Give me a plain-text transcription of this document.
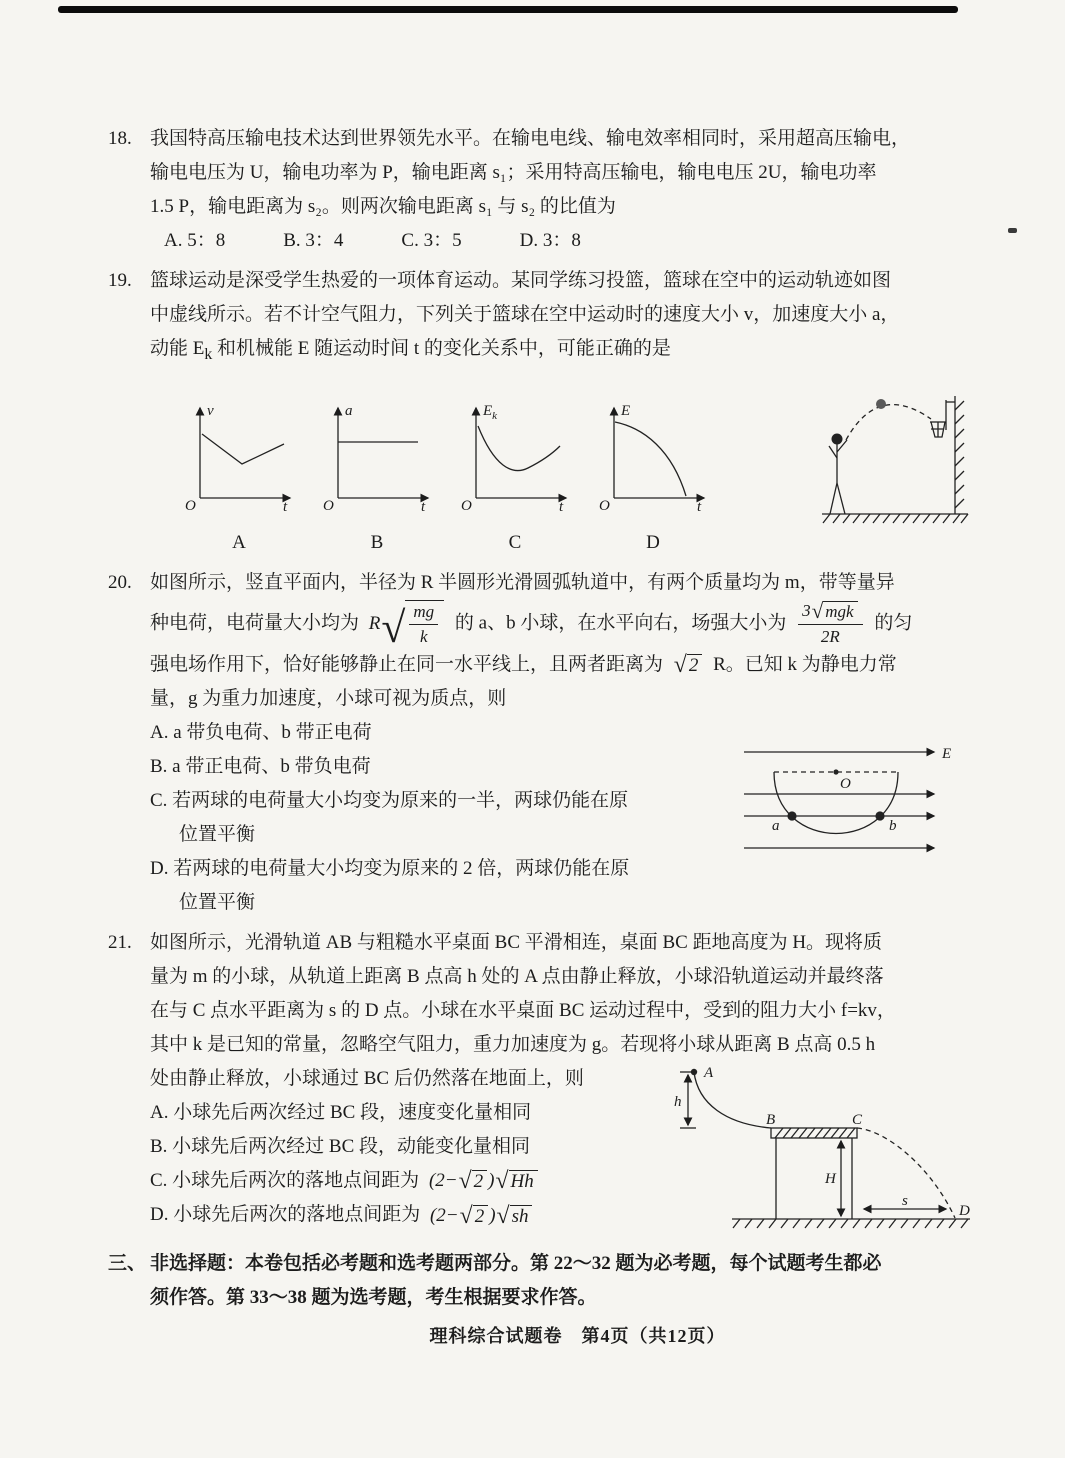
18. 我国特高压输电技术达到世界领先水平。在输电电线、输电效率相同时，采用超高压输电，
输电电压为 U，输电功率为 P，输电距离 s₁；采用特高压输电，输电电压 2U，输电功率
1.5 P，输电距离为 s₂。则两次输电距离 s₁ 与 s₂ 的比值为
A. 5：8	B. 3：4	C. 3：5	D. 3：8
19. 篮球运动是深受学生热爱的一项体育运动。某同学练习投篮，篮球在空中的运动轨迹如图
中虚线所示。若不计空气阻力，下列关于篮球在空中运动时的速度大小 v，加速度大小 a，
动能 $E_k$ 和机械能 E 随运动时间 t 的变化关系中，可能正确的是
v
O	t
A
a
O	t
B
$E_k$
O	t
C
E
O	t
D
20. 如图所示，竖直平面内，半径为 R 半圆形光滑圆弧轨道中，有两个质量均为 m，带等量异
种电荷，电荷量大小均为 R √ $\frac{mg}{k}$ 的 a、b 小球，在水平向右，场强大小为 $\frac{\text{3 √ mgk}}{2R}$ 的匀
强电场作用下，恰好能够静止在同一水平线上，且两者距离为 √ 2 R。已知 k 为静电力常
量，g 为重力加速度，小球可视为质点，则
A. a 带负电荷、b 带正电荷
B. a 带正电荷、b 带负电荷
C. 若两球的电荷量大小均变为原来的一半，两球仍能在原
位置平衡
D. 若两球的电荷量大小均变为原来的 2 倍，两球仍能在原
位置平衡
E
O
a	b
21. 如图所示，光滑轨道 AB 与粗糙水平桌面 BC 平滑相连，桌面 BC 距地高度为 H。现将质
量为 m 的小球，从轨道上距离 B 点高 h 处的 A 点由静止释放，小球沿轨道运动并最终落
在与 C 点水平距离为 s 的 D 点。小球在水平桌面 BC 运动过程中，受到的阻力大小 f=kv，
其中 k 是已知的常量，忽略空气阻力，重力加速度为 g。若现将小球从距离 B 点高 0.5 h
处由静止释放，小球通过 BC 后仍然落在地面上，则
A. 小球先后两次经过 BC 段，速度变化量相同
B. 小球先后两次经过 BC 段，动能变化量相同
C. 小球先后两次的落地点间距为 (2− √ 2 ) √ Hh
D. 小球先后两次的落地点间距为 (2− √ 2 ) √ sh
A
h
B	C
H
s
D
三、 非选择题：本卷包括必考题和选考题两部分。第 22～32 题为必考题，每个试题考生都必
须作答。第 33～38 题为选考题，考生根据要求作答。
理科综合试题卷　第4页（共12页）
